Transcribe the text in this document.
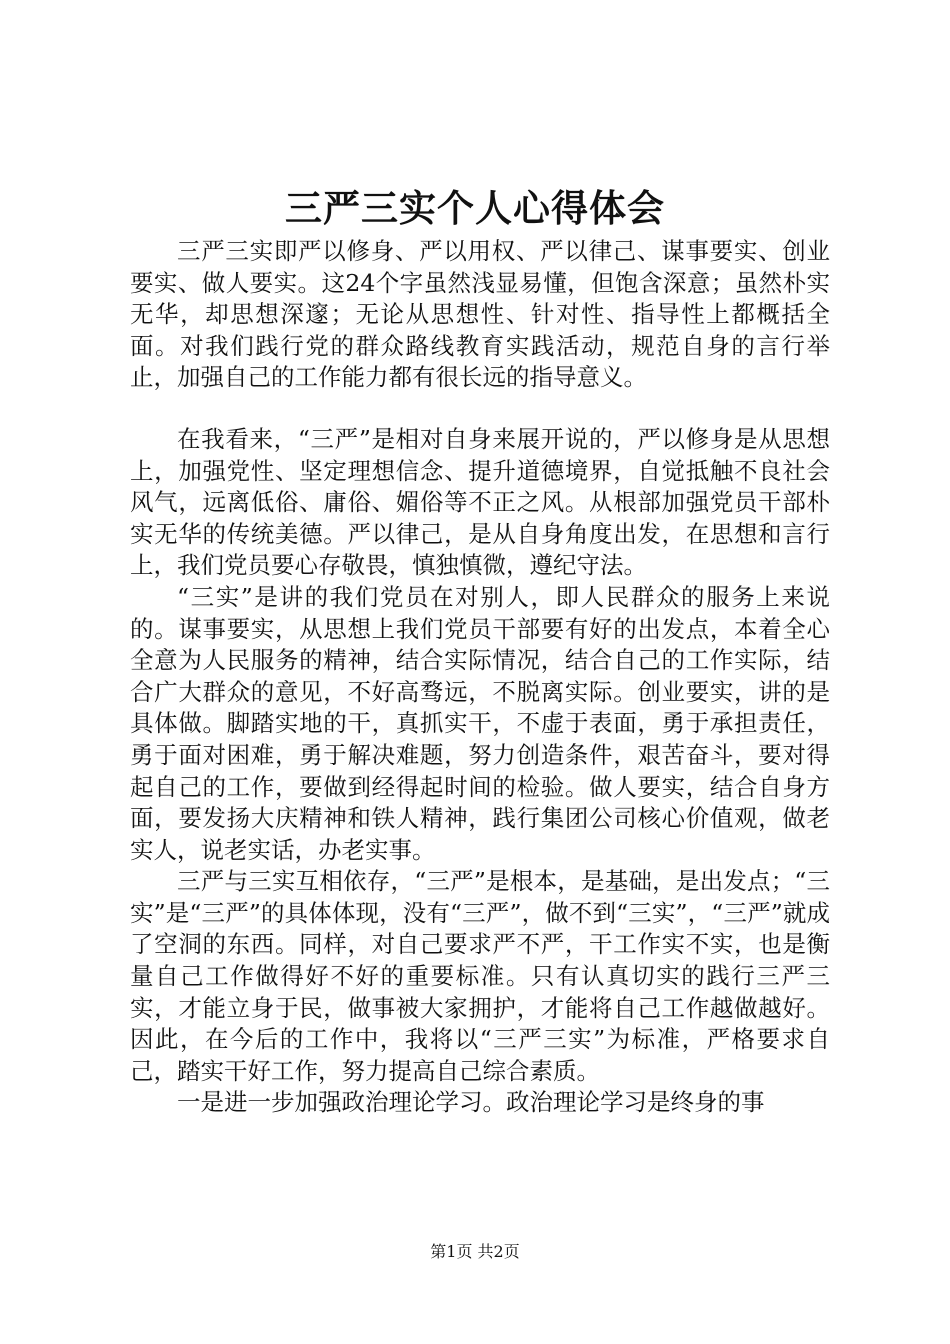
三严三实个人心得体会

三严三实即严以修身、严以用权、严以律己、谋事要实、创业要实、做人要实。这24个字虽然浅显易懂，但饱含深意；虽然朴实无华，却思想深邃；无论从思想性、针对性、指导性上都概括全面。对我们践行党的群众路线教育实践活动，规范自身的言行举止，加强自己的工作能力都有很长远的指导意义。

在我看来，“三严”是相对自身来展开说的，严以修身是从思想上，加强党性、坚定理想信念、提升道德境界，自觉抵触不良社会风气，远离低俗、庸俗、媚俗等不正之风。从根部加强党员干部朴实无华的传统美德。严以律己，是从自身角度出发，在思想和言行上，我们党员要心存敬畏，慎独慎微，遵纪守法。

“三实”是讲的我们党员在对别人，即人民群众的服务上来说的。谋事要实，从思想上我们党员干部要有好的出发点，本着全心全意为人民服务的精神，结合实际情况，结合自己的工作实际，结合广大群众的意见，不好高骛远，不脱离实际。创业要实，讲的是具体做。脚踏实地的干，真抓实干，不虚于表面，勇于承担责任，勇于面对困难，勇于解决难题，努力创造条件，艰苦奋斗，要对得起自己的工作，要做到经得起时间的检验。做人要实，结合自身方面，要发扬大庆精神和铁人精神，践行集团公司核心价值观，做老实人，说老实话，办老实事。

三严与三实互相依存，“三严”是根本，是基础，是出发点；“三实”是“三严”的具体体现，没有“三严”，做不到“三实”，“三严”就成了空洞的东西。同样，对自己要求严不严，干工作实不实，也是衡量自己工作做得好不好的重要标准。只有认真切实的践行三严三实，才能立身于民，做事被大家拥护，才能将自己工作越做越好。因此，在今后的工作中，我将以“三严三实”为标准，严格要求自己，踏实干好工作，努力提高自己综合素质。

一是进一步加强政治理论学习。政治理论学习是终身的事

第1页 共2页
